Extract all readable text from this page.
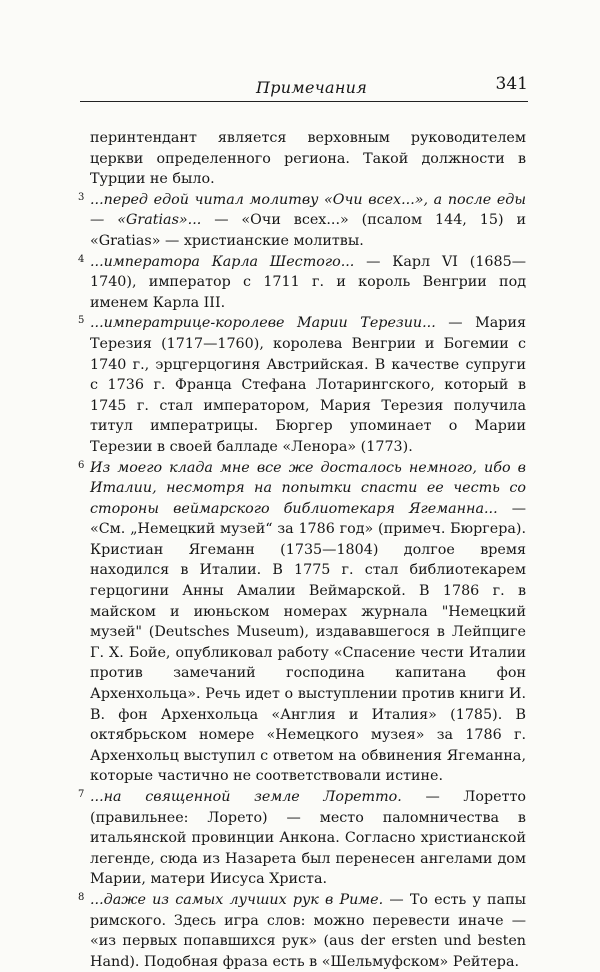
Примечания	341

перинтендант является верховным руководителем церкви определенного региона. Такой должности в Турции не было.

3 ...перед едой читал молитву «Очи всех...», а после еды — «Gratias»... — «Очи всех...» (псалом 144, 15) и «Gratias» — христианские молитвы.

4 ...императора Карла Шестого... — Карл VI (1685—1740), император с 1711 г. и король Венгрии под именем Карла III.

5 ...императрице-королеве Марии Терезии... — Мария Терезия (1717—1760), королева Венгрии и Богемии с 1740 г., эрцгерцогиня Австрийская. В качестве супруги с 1736 г. Франца Стефана Лотарингского, который в 1745 г. стал императором, Мария Терезия получила титул императрицы. Бюргер упоминает о Марии Терезии в своей балладе «Ленора» (1773).

6 Из моего клада мне все же досталось немного, ибо в Италии, несмотря на попытки спасти ее честь со стороны веймарского библиотекаря Ягеманна... — «См. „Немецкий музей“ за 1786 год» (примеч. Бюргера). Кристиан Ягеманн (1735—1804) долгое время находился в Италии. В 1775 г. стал библиотекарем герцогини Анны Амалии Веймарской. В 1786 г. в майском и июньском номерах журнала "Немецкий музей" (Deutsches Museum), издававшегося в Лейпциге Г. Х. Бойе, опубликовал работу «Спасение чести Италии против замечаний господина капитана фон Архенхольца». Речь идет о выступлении против книги И. В. фон Архенхольца «Англия и Италия» (1785). В октябрьском номере «Немецкого музея» за 1786 г. Архенхольц выступил с ответом на обвинения Ягеманна, которые частично не соответствовали истине.

7 ...на священной земле Лоретто. — Лоретто (правильнее: Лорето) — место паломничества в итальянской провинции Анкона. Согласно христианской легенде, сюда из Назарета был перенесен ангелами дом Марии, матери Иисуса Христа.

8 ...даже из самых лучших рук в Риме. — То есть у папы римского. Здесь игра слов: можно перевести иначе — «из первых попавшихся рук» (aus der ersten und besten Hand). Подобная фраза есть в «Шельмуфском» Рейтера.
